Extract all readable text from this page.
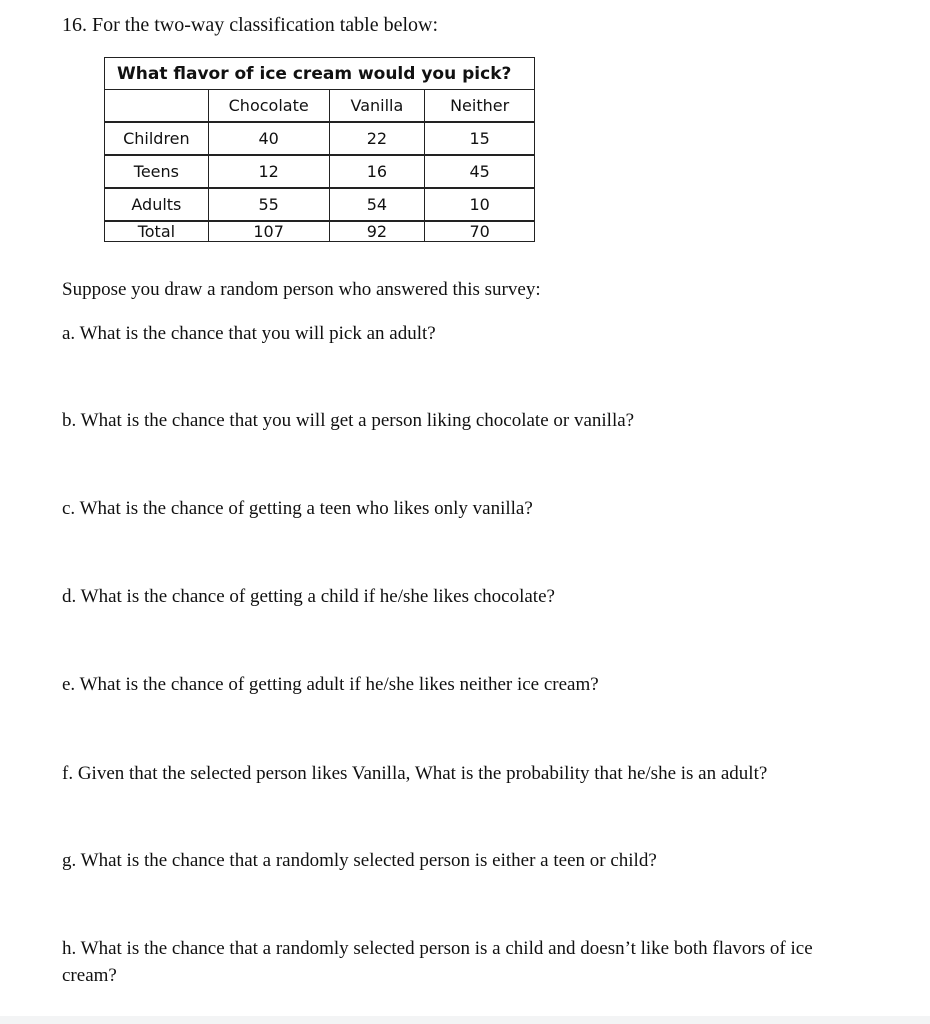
16. For the two-way classification table below:

What flavor of ice cream would you pick?			
	Chocolate	Vanilla	Neither
Children	40	22	15
Teens	12	16	45
Adults	55	54	10
Total	107	92	70

Suppose you draw a random person who answered this survey:

a. What is the chance that you will pick an adult?

b. What is the chance that you will get a person liking chocolate or vanilla?

c. What is the chance of getting a teen who likes only vanilla?

d. What is the chance of getting a child if he/she likes chocolate?

e. What is the chance of getting adult if he/she likes neither ice cream?

f. Given that the selected person likes Vanilla, What is the probability that he/she is an adult?

g. What is the chance that a randomly selected person is either a teen or child?

h. What is the chance that a randomly selected person is a child and doesn’t like both flavors of ice cream?
